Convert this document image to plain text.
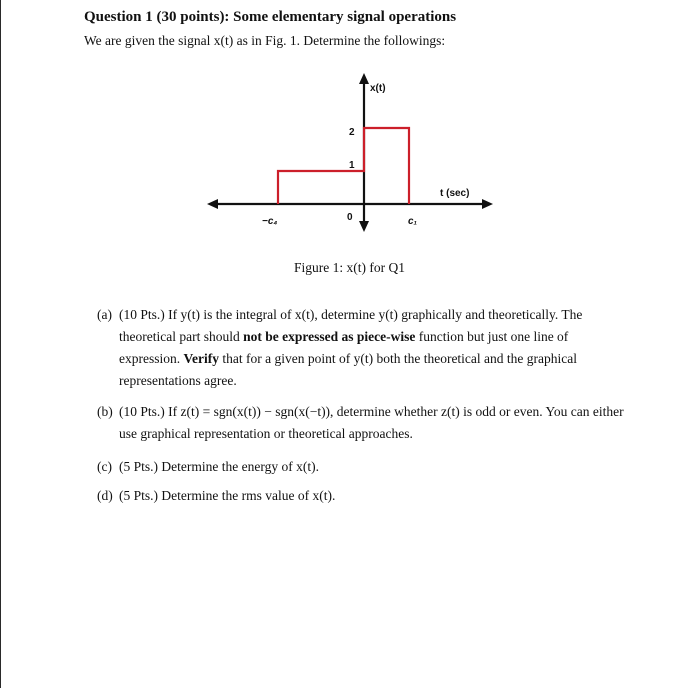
Question 1 (30 points): Some elementary signal operations
We are given the signal x(t) as in Fig. 1. Determine the followings:
x(t)
t (sec)
2
1
−c₄	0	c₁
Figure 1: x(t) for Q1
(a) (10 Pts.) If y(t) is the integral of x(t), determine y(t) graphically and theoretically. The theoretical part should not be expressed as piece-wise function but just one line of expression. Verify that for a given point of y(t) both the theoretical and the graphical representations agree.
(b) (10 Pts.) If z(t) = sgn(x(t)) − sgn(x(−t)), determine whether z(t) is odd or even. You can either use graphical representation or theoretical approaches.
(c) (5 Pts.) Determine the energy of x(t).
(d) (5 Pts.) Determine the rms value of x(t).
